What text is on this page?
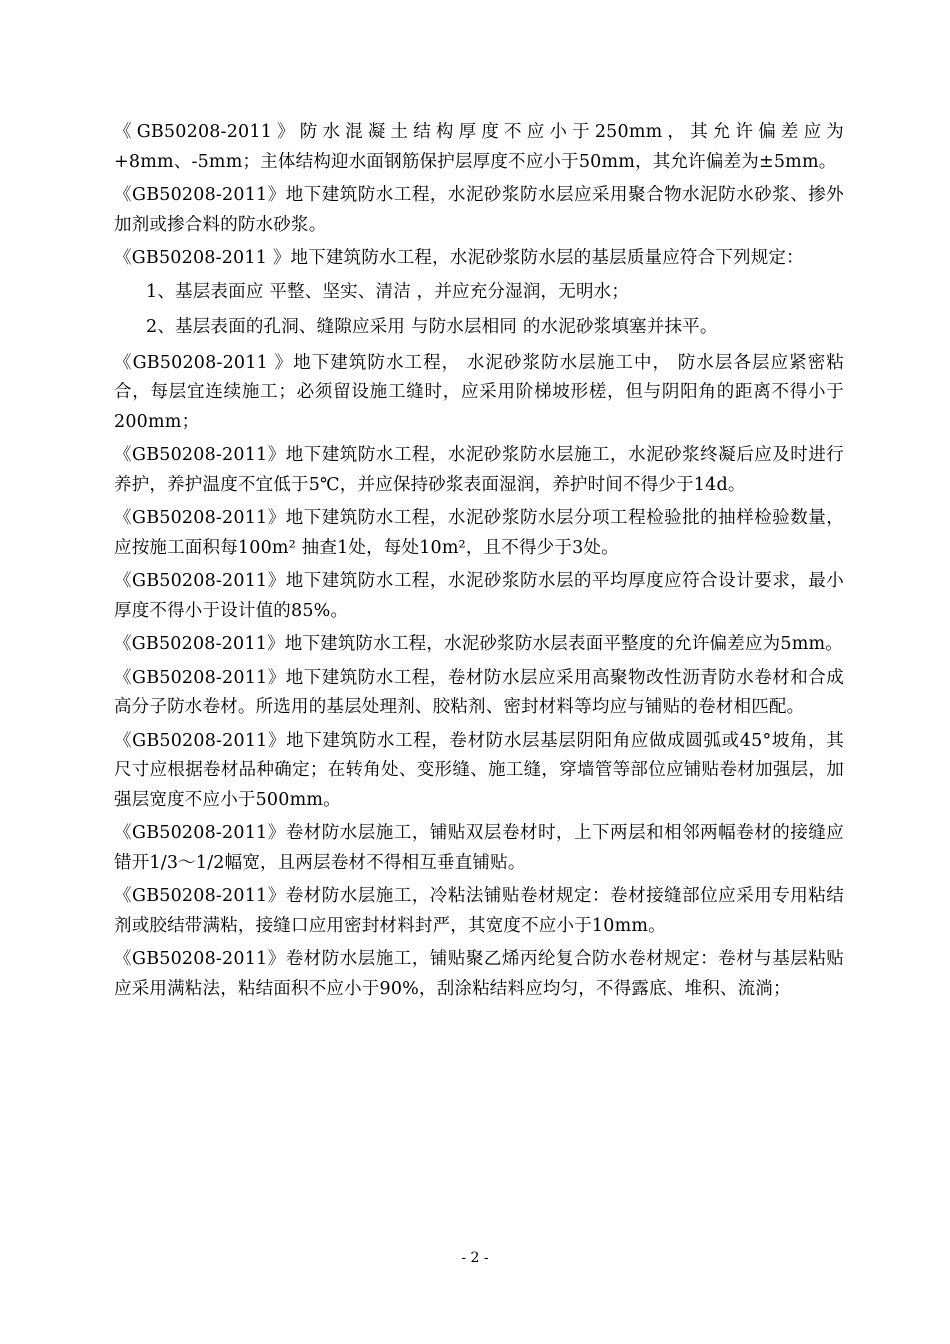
《GB50208-2011》防水混凝土结构厚度不应小于250mm，其允许偏差应为+8mm、-5mm；主体结构迎水面钢筋保护层厚度不应小于50mm，其允许偏差为±5mm。

《GB50208-2011》地下建筑防水工程，水泥砂浆防水层应采用聚合物水泥防水砂浆、掺外加剂或掺合料的防水砂浆。

《GB50208-2011 》地下建筑防水工程，水泥砂浆防水层的基层质量应符合下列规定：

1、基层表面应 平整、坚实、清洁 ，并应充分湿润，无明水；

2、基层表面的孔洞、缝隙应采用 与防水层相同 的水泥砂浆填塞并抹平。

《GB50208-2011 》地下建筑防水工程， 水泥砂浆防水层施工中， 防水层各层应紧密粘合，每层宜连续施工；必须留设施工缝时，应采用阶梯坡形槎，但与阴阳角的距离不得小于200mm；

《GB50208-2011》地下建筑防水工程，水泥砂浆防水层施工，水泥砂浆终凝后应及时进行养护，养护温度不宜低于5℃，并应保持砂浆表面湿润，养护时间不得少于14d。

《GB50208-2011》地下建筑防水工程，水泥砂浆防水层分项工程检验批的抽样检验数量，应按施工面积每100m² 抽查1处，每处10m²，且不得少于3处。

《GB50208-2011》地下建筑防水工程，水泥砂浆防水层的平均厚度应符合设计要求，最小厚度不得小于设计值的85%。

《GB50208-2011》地下建筑防水工程，水泥砂浆防水层表面平整度的允许偏差应为5mm。

《GB50208-2011》地下建筑防水工程，卷材防水层应采用高聚物改性沥青防水卷材和合成高分子防水卷材。所选用的基层处理剂、胶粘剂、密封材料等均应与铺贴的卷材相匹配。

《GB50208-2011》地下建筑防水工程，卷材防水层基层阴阳角应做成圆弧或45°坡角，其尺寸应根据卷材品种确定；在转角处、变形缝、施工缝，穿墙管等部位应铺贴卷材加强层，加强层宽度不应小于500mm。

《GB50208-2011》卷材防水层施工，铺贴双层卷材时，上下两层和相邻两幅卷材的接缝应错开1/3～1/2幅宽，且两层卷材不得相互垂直铺贴。

《GB50208-2011》卷材防水层施工，冷粘法铺贴卷材规定：卷材接缝部位应采用专用粘结剂或胶结带满粘，接缝口应用密封材料封严，其宽度不应小于10mm。

《GB50208-2011》卷材防水层施工，铺贴聚乙烯丙纶复合防水卷材规定：卷材与基层粘贴应采用满粘法，粘结面积不应小于90%，刮涂粘结料应均匀，不得露底、堆积、流淌；

- 2 -
